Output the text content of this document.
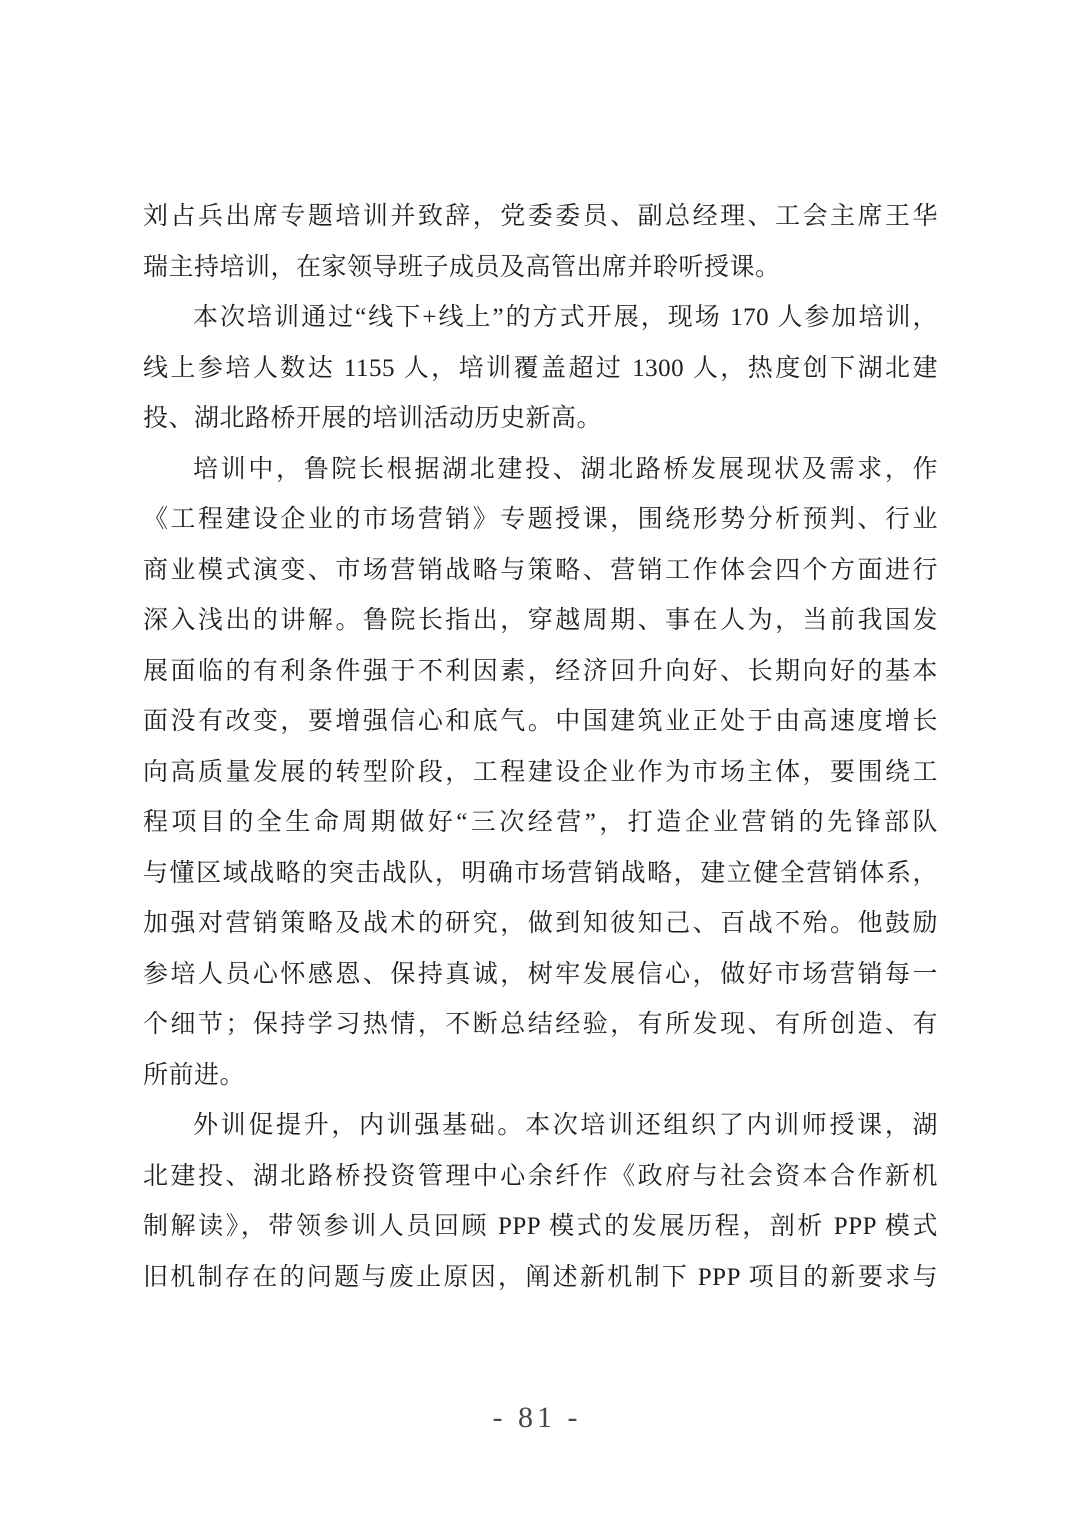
刘占兵出席专题培训并致辞，党委委员、副总经理、工会主席王华
瑞主持培训，在家领导班子成员及高管出席并聆听授课。
本次培训通过“线下+线上”的方式开展，现场 170 人参加培训，
线上参培人数达 1155 人，培训覆盖超过 1300 人，热度创下湖北建
投、湖北路桥开展的培训活动历史新高。
培训中，鲁院长根据湖北建投、湖北路桥发展现状及需求，作
《工程建设企业的市场营销》专题授课，围绕形势分析预判、行业
商业模式演变、市场营销战略与策略、营销工作体会四个方面进行
深入浅出的讲解。鲁院长指出，穿越周期、事在人为，当前我国发
展面临的有利条件强于不利因素，经济回升向好、长期向好的基本
面没有改变，要增强信心和底气。中国建筑业正处于由高速度增长
向高质量发展的转型阶段，工程建设企业作为市场主体，要围绕工
程项目的全生命周期做好“三次经营”，打造企业营销的先锋部队
与懂区域战略的突击战队，明确市场营销战略，建立健全营销体系，
加强对营销策略及战术的研究，做到知彼知己、百战不殆。他鼓励
参培人员心怀感恩、保持真诚，树牢发展信心，做好市场营销每一
个细节；保持学习热情，不断总结经验，有所发现、有所创造、有
所前进。
外训促提升，内训强基础。本次培训还组织了内训师授课，湖
北建投、湖北路桥投资管理中心余纤作《政府与社会资本合作新机
制解读》，带领参训人员回顾 PPP 模式的发展历程，剖析 PPP 模式
旧机制存在的问题与废止原因，阐述新机制下 PPP 项目的新要求与
- 81 -
